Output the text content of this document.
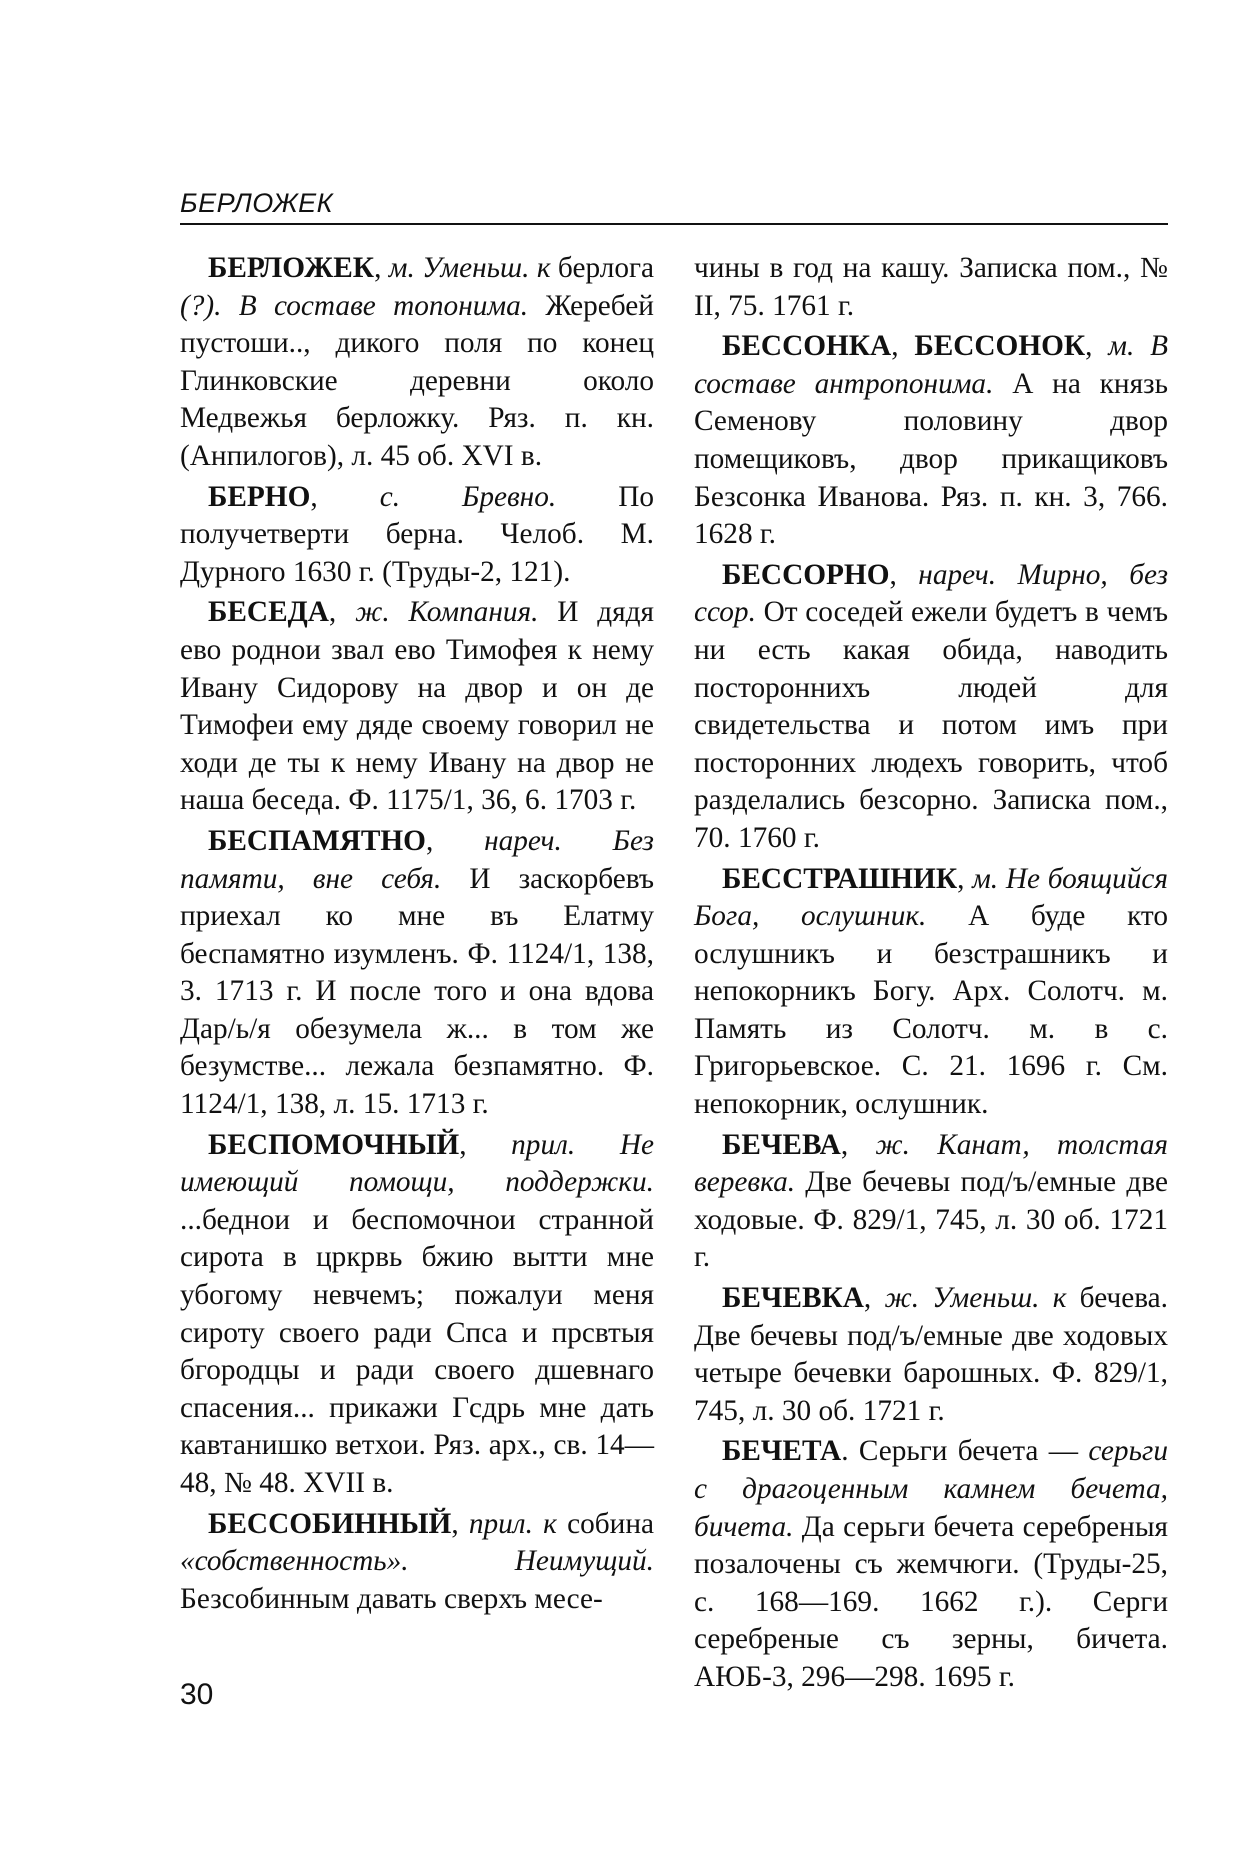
БЕРЛОЖЕК

БЕРЛОЖЕК, м. Уменьш. к берлога (?). В составе топонима. Жеребей пустоши.., дикого поля по конец Глинковские деревни около Медвежья берложку. Ряз. п. кн. (Анпилогов), л. 45 об. XVI в.

БЕРНО, с. Бревно. По получетверти берна. Челоб. М. Дурного 1630 г. (Труды-2, 121).

БЕСЕДА, ж. Компания. И дядя ево роднои звал ево Тимофея к нему Ивану Сидорову на двор и он де Тимофеи ему дяде своему говорил не ходи де ты к нему Ивану на двор не наша беседа. Ф. 1175/1, 36, 6. 1703 г.

БЕСПАМЯТНО, нареч. Без памяти, вне себя. И заскорбевъ приехал ко мне въ Елатму беспамятно изумленъ. Ф. 1124/1, 138, 3. 1713 г. И после того и она вдова Дар/ь/я обезумела ж... в том же безумстве... лежала безпамятно. Ф. 1124/1, 138, л. 15. 1713 г.

БЕСПОМОЧНЫЙ, прил. Не имеющий помощи, поддержки. ...беднои и беспомочнои странной сирота в цркрвь бжию вытти мне убогому невчемъ; пожалуи меня сироту своего ради Спса и прсвтыя бгородцы и ради своего дшевнаго спасения... прикажи Гсдрь мне дать кавтанишко ветхои. Ряз. арх., св. 14—48, № 48. XVII в.

БЕССОБИННЫЙ, прил. к собина «собственность». Неимущий. Безсобинным давать сверхъ месе-

чины в год на кашу. Записка пом., № II, 75. 1761 г.

БЕССОНКА, БЕССОНОК, м. В составе антропонима. А на князь Семенову половину двор помещиковъ, двор прикащиковъ Безсонка Иванова. Ряз. п. кн. 3, 766. 1628 г.

БЕССОРНО, нареч. Мирно, без ссор. От соседей ежели будетъ в чемъ ни есть какая обида, наводить постороннихъ людей для свидетельства и потом имъ при посторонних людехъ говорить, чтоб разделались безсорно. Записка пом., 70. 1760 г.

БЕССТРАШНИК, м. Не боящийся Бога, ослушник. А буде кто ослушникъ и безстрашникъ и непокорникъ Богу. Арх. Солотч. м. Память из Солотч. м. в с. Григорьевское. С. 21. 1696 г. См. непокорник, ослушник.

БЕЧЕВА, ж. Канат, толстая веревка. Две бечевы под/ъ/емные две ходовые. Ф. 829/1, 745, л. 30 об. 1721 г.

БЕЧЕВКА, ж. Уменьш. к бечева. Две бечевы под/ъ/емные две ходовых четыре бечевки барошных. Ф. 829/1, 745, л. 30 об. 1721 г.

БЕЧЕТА. Серьги бечета — серьги с драгоценным камнем бечета, бичета. Да серьги бечета серебреныя позалочены съ жемчюги. (Труды-25, с. 168—169. 1662 г.). Серги серебреные съ зерны, бичета. АЮБ-3, 296—298. 1695 г.

30
